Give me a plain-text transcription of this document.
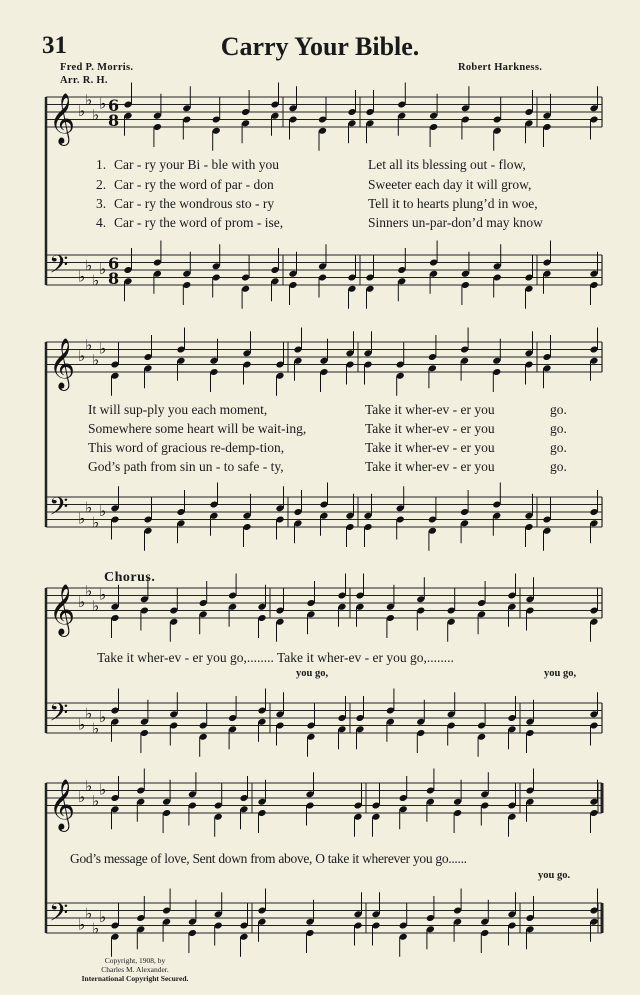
𝄞 ♭
♭
♭
♭ 6
8
𝄢 ♭
♭
♭
♭ 6
8
𝄞 ♭
♭
♭
♭
𝄢 ♭
♭
♭
♭
𝄞 ♭
♭
♭
♭
𝄢 ♭
♭
♭
♭
𝄞 ♭
♭
♭
♭
𝄢 ♭
♭
♭
♭
31	Carry Your Bible.
Fred P. Morris.
Arr. R. H.
Robert Harkness.
1. Car - ry your Bi - ble with you	Let all its blessing out - flow,
2. Car - ry the word of par - don	Sweeter each day it will grow,
3. Car - ry the wondrous sto - ry	Tell it to hearts plung’d in woe,
4. Car - ry the word of prom - ise,	Sinners un-par-don’d may know
It will sup-ply you each moment,	Take it wher-ev - er you	go.
Somewhere some heart will be wait-ing,	Take it wher-ev - er you	go.
This word of gracious re-demp-tion,	Take it wher-ev - er you	go.
God’s path from sin un - to safe - ty,	Take it wher-ev - er you	go.
Chorus.
Take it wher-ev - er you go,........ Take it wher-ev - er you go,........
you go,	you go,
God’s message of love, Sent down from above, O take it wherever you go......
you go.
Copyright, 1908, by
Charles M. Alexander.
International Copyright Secured.
